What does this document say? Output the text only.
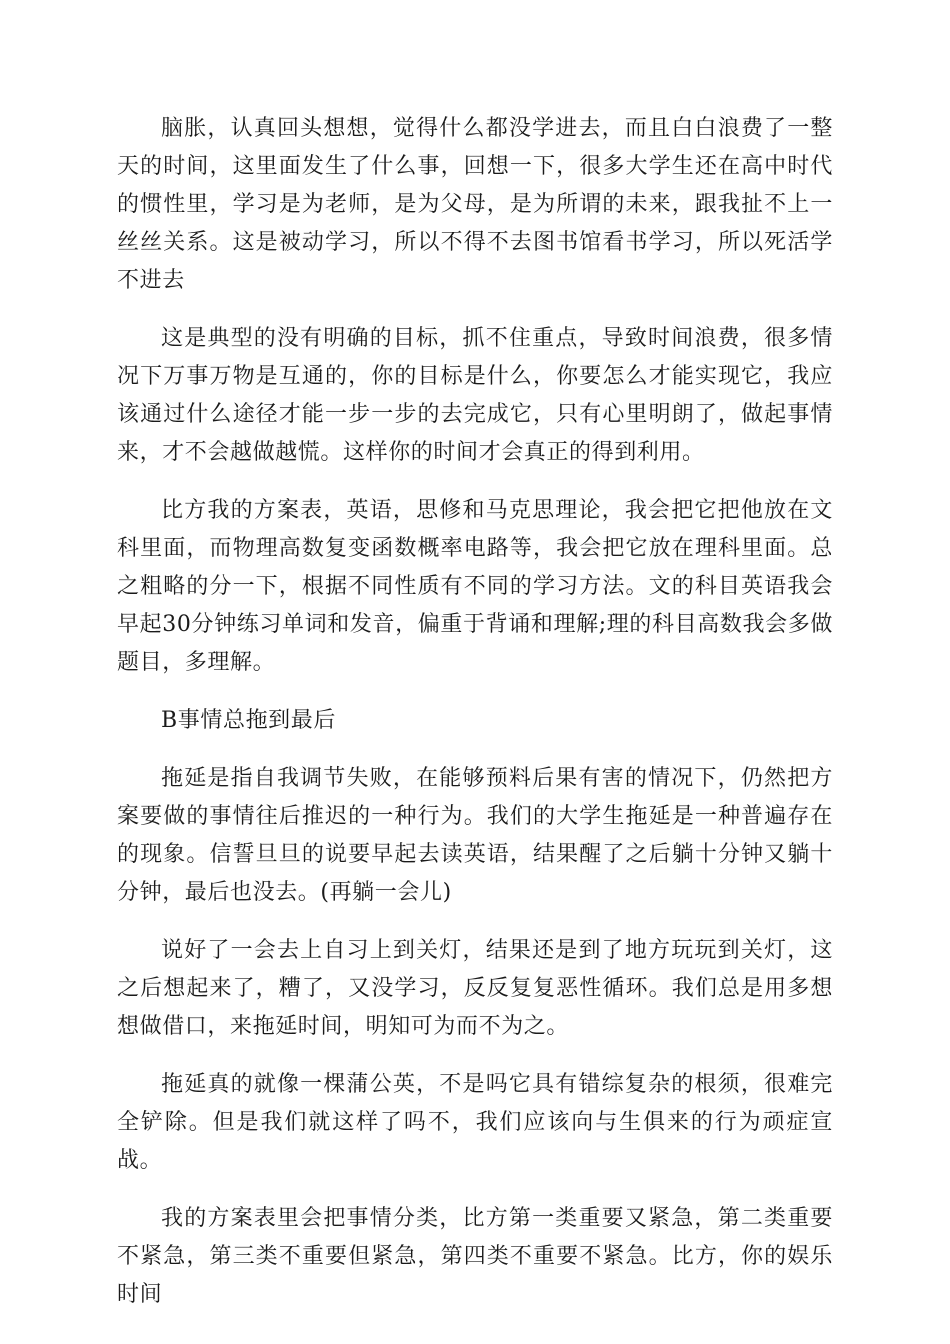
脑胀，认真回头想想，觉得什么都没学进去，而且白白浪费了一整天的时间，这里面发生了什么事，回想一下，很多大学生还在高中时代的惯性里，学习是为老师，是为父母，是为所谓的未来，跟我扯不上一丝丝关系。这是被动学习，所以不得不去图书馆看书学习，所以死活学不进去

这是典型的没有明确的目标，抓不住重点，导致时间浪费，很多情况下万事万物是互通的，你的目标是什么，你要怎么才能实现它，我应该通过什么途径才能一步一步的去完成它，只有心里明朗了，做起事情来，才不会越做越慌。这样你的时间才会真正的得到利用。

比方我的方案表，英语，思修和马克思理论，我会把它把他放在文科里面，而物理高数复变函数概率电路等，我会把它放在理科里面。总之粗略的分一下，根据不同性质有不同的学习方法。文的科目英语我会早起30分钟练习单词和发音，偏重于背诵和理解;理的科目高数我会多做题目，多理解。

B事情总拖到最后

拖延是指自我调节失败，在能够预料后果有害的情况下，仍然把方案要做的事情往后推迟的一种行为。我们的大学生拖延是一种普遍存在的现象。信誓旦旦的说要早起去读英语，结果醒了之后躺十分钟又躺十分钟，最后也没去。(再躺一会儿)

说好了一会去上自习上到关灯，结果还是到了地方玩玩到关灯，这之后想起来了，糟了，又没学习，反反复复恶性循环。我们总是用多想想做借口，来拖延时间，明知可为而不为之。

拖延真的就像一棵蒲公英，不是吗它具有错综复杂的根须，很难完全铲除。但是我们就这样了吗不，我们应该向与生俱来的行为顽症宣战。

我的方案表里会把事情分类，比方第一类重要又紧急，第二类重要不紧急，第三类不重要但紧急，第四类不重要不紧急。比方，你的娱乐时间
